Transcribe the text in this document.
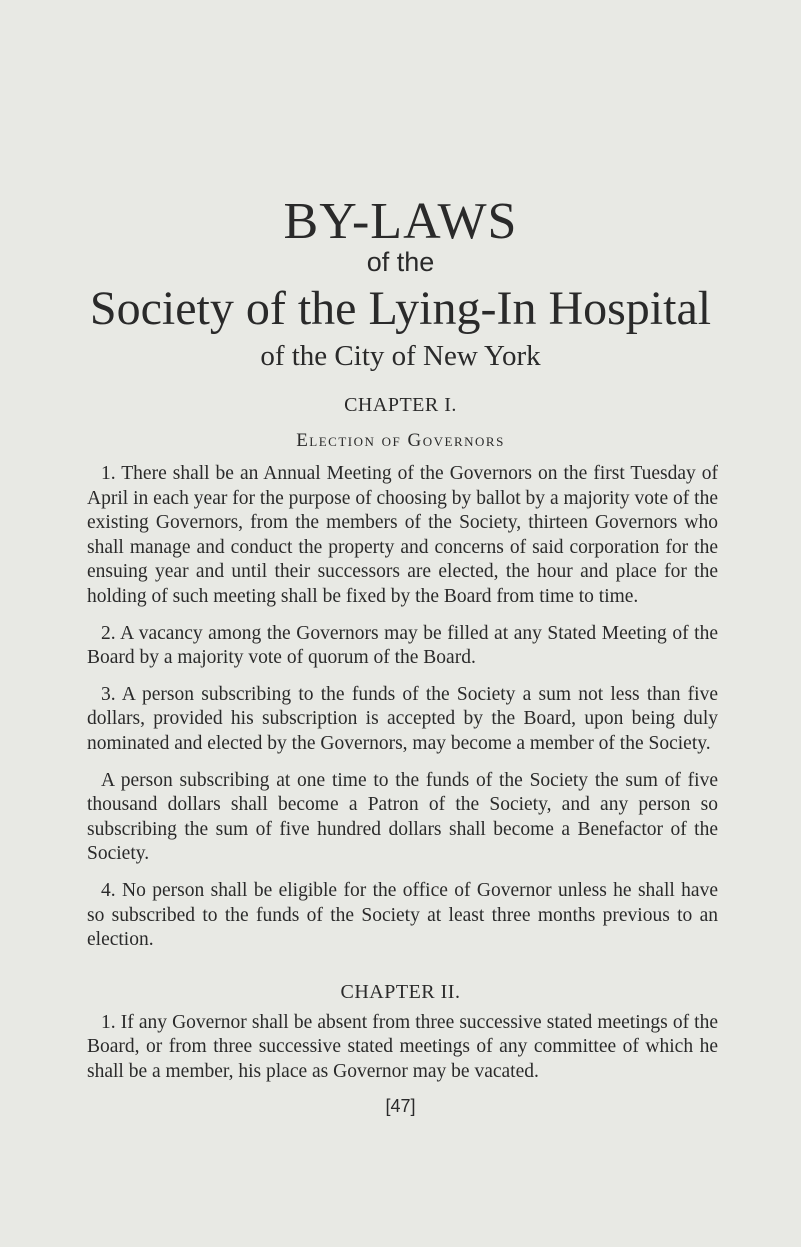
BY-LAWS
of the
Society of the Lying-In Hospital
of the City of New York
CHAPTER I.
Election of Governors
1. There shall be an Annual Meeting of the Governors on the first Tuesday of April in each year for the purpose of choosing by ballot by a majority vote of the existing Governors, from the members of the Society, thirteen Governors who shall manage and conduct the property and concerns of said corporation for the ensuing year and until their successors are elected, the hour and place for the holding of such meeting shall be fixed by the Board from time to time.
2. A vacancy among the Governors may be filled at any Stated Meeting of the Board by a majority vote of quorum of the Board.
3. A person subscribing to the funds of the Society a sum not less than five dollars, provided his subscription is accepted by the Board, upon being duly nominated and elected by the Governors, may become a member of the Society.
A person subscribing at one time to the funds of the Society the sum of five thousand dollars shall become a Patron of the Society, and any person so subscribing the sum of five hundred dollars shall become a Benefactor of the Society.
4. No person shall be eligible for the office of Governor unless he shall have so subscribed to the funds of the Society at least three months previous to an election.
CHAPTER II.
1. If any Governor shall be absent from three successive stated meetings of the Board, or from three successive stated meetings of any committee of which he shall be a member, his place as Governor may be vacated.
[47]
